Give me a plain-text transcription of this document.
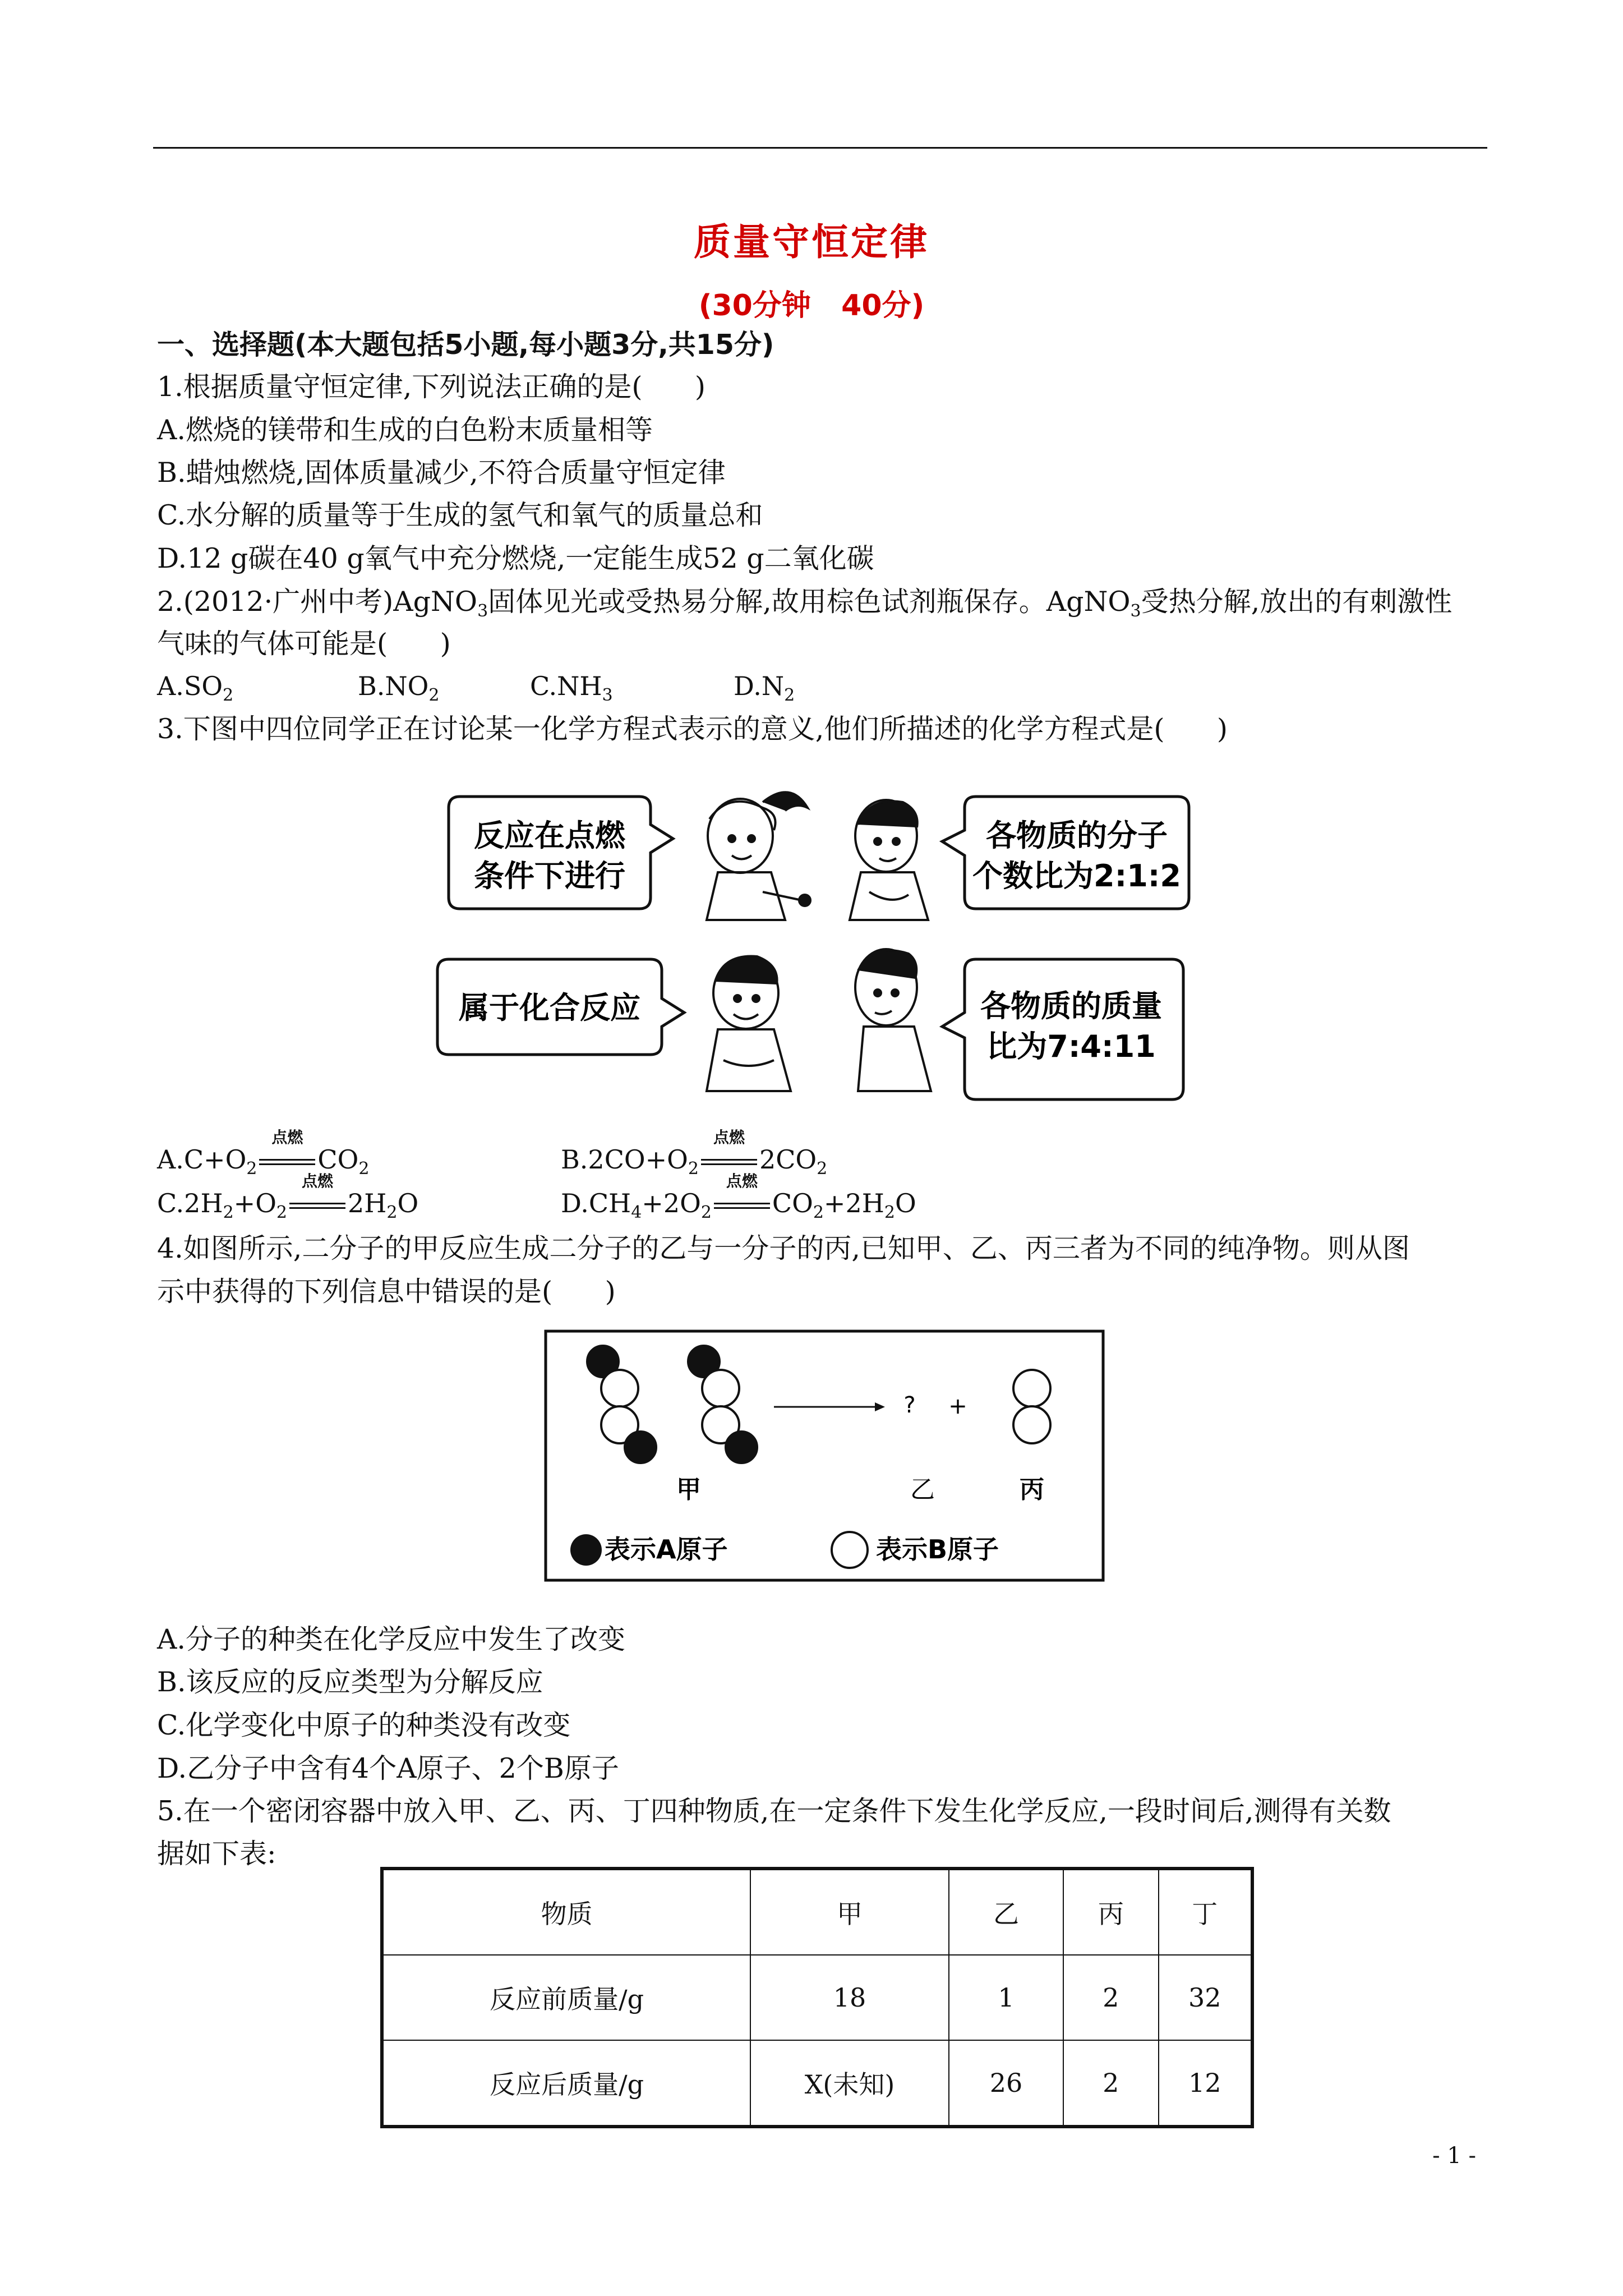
质量守恒定律
(30分钟   40分)
一、选择题(本大题包括5小题,每小题3分,共15分)
1.根据质量守恒定律,下列说法正确的是(      )
A.燃烧的镁带和生成的白色粉末质量相等
B.蜡烛燃烧,固体质量减少,不符合质量守恒定律
C.水分解的质量等于生成的氢气和氧气的质量总和
D.12 g碳在40 g氧气中充分燃烧,一定能生成52 g二氧化碳
2.(2012·广州中考)AgNO$_3$固体见光或受热易分解,故用棕色试剂瓶保存。AgNO$_3$受热分解,放出的有刺激性
气味的气体可能是(      )
$A.SO_2$	$B.NO_2$	$C.NH_3$	$D.N_2$
3.下图中四位同学正在讨论某一化学方程式表示的意义,他们所描述的化学方程式是(      )
反应在点燃
条件下进行
各物质的分子
个数比为2:1:2
属于化合反应	各物质的质量
比为7:4:11
$A.C+O_2$
点燃
$CO_2$	$B.2CO+O_2$
点燃
$2CO_2$
$C.2H_2+O_2$
点燃
$2H_2O$	$D.CH_4+2O_2$
点燃
$CO_2+2H_2O$
4.如图所示,二分子的甲反应生成二分子的乙与一分子的丙,已知甲、乙、丙三者为不同的纯净物。则从图
示中获得的下列信息中错误的是(      )
? +
甲	乙	丙
表示A原子	表示B原子
A.分子的种类在化学反应中发生了改变
B.该反应的反应类型为分解反应
C.化学变化中原子的种类没有改变
D.乙分子中含有4个A原子、2个B原子
5.在一个密闭容器中放入甲、乙、丙、丁四种物质,在一定条件下发生化学反应,一段时间后,测得有关数
据如下表:
物质	甲	乙	丙	丁
反应前质量/g	18	1	2	32
反应后质量/g	X(未知)	26	2	12
- 1 -
